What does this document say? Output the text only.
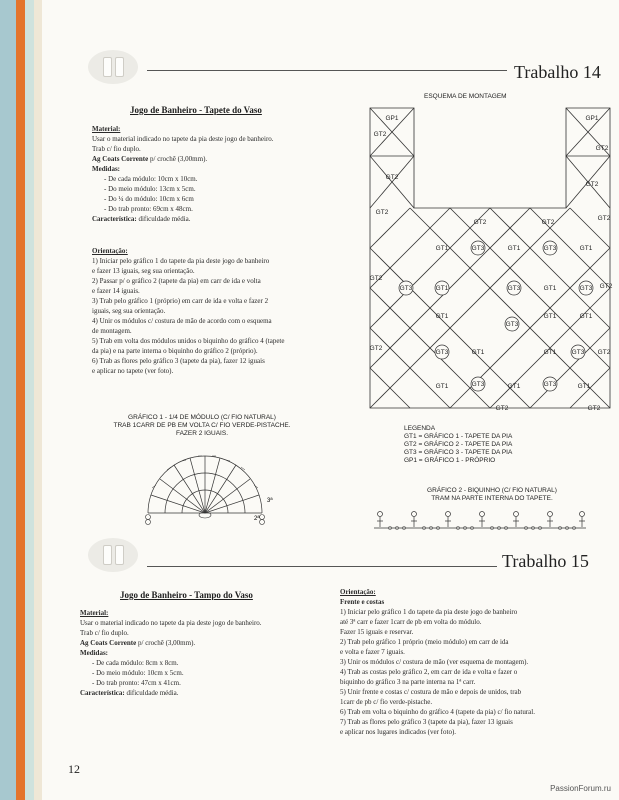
Trabalho 14
Jogo de Banheiro - Tapete do Vaso
Material:
Usar o material indicado no tapete da pia deste jogo de banheiro.
Trab c/ fio duplo.
Ag Coats Corrente p/ crochê (3,00mm).
Medidas:
- De cada módulo: 10cm x 10cm.
- Do meio módulo: 13cm x 5cm.
- Do ¼ do módulo: 10cm x 6cm
- Do trab pronto: 69cm x 48cm.
Característica: dificuldade média.
Orientação:
1) Iniciar pelo gráfico 1 do tapete da pia deste jogo de banheiro
e fazer 13 iguais, seg sua orientação.
2) Passar p/ o gráfico 2 (tapete da pia) em carr de ida e volta
e fazer 14 iguais.
3) Trab pelo gráfico 1 (próprio) em carr de ida e volta e fazer 2
iguais, seg sua orientação.
4) Unir os módulos c/ costura de mão de acordo com o esquema
de montagem.
5) Trab em volta dos módulos unidos o biquinho do gráfico 4 (tapete
da pia) e na parte interna o biquinho do gráfico 2 (próprio).
6) Trab as flores pelo gráfico 3 (tapete da pia), fazer 12 iguais
e aplicar no tapete (ver foto).
GRÁFICO 1 - 1/4 DE MÓDULO (C/ FIO NATURAL)
TRAB 1CARR DE PB EM VOLTA C/ FIO VERDE-PISTACHE.
FAZER 2 IGUAIS.
3ª
2ª
ESQUEMA DE MONTAGEM
GP1	GP1
GT2
GT2
GT2
GT2
GT2
GT2
GT2	GT2
GT1	GT3	GT1	GT3	GT1
GT2
GT3	GT1	GT3	GT1	GT3 GT2
GT1
GT3
GT1	GT1
GT2
GT3	GT1	GT1 GT3 GT2
GT1	GT3	GT1	GT3	GT1
GT2	GT2
LEGENDA
GT1 = GRÁFICO 1 - TAPETE DA PIA
GT2 = GRÁFICO 2 - TAPETE DA PIA
GT3 = GRÁFICO 3 - TAPETE DA PIA
GP1 = GRÁFICO 1 - PRÓPRIO
GRÁFICO 2 - BIQUINHO (C/ FIO NATURAL)
TRAM NA PARTE INTERNA DO TAPETE.
Trabalho 15
Jogo de Banheiro - Tampo do Vaso
Material:
Usar o material indicado no tapete da pia deste jogo de banheiro.
Trab c/ fio duplo.
Ag Coats Corrente p/ crochê (3,00mm).
Medidas:
- De cada módulo: 8cm x 8cm.
- Do meio módulo: 10cm x 5cm.
- Do trab pronto: 47cm x 41cm.
Característica: dificuldade média.
Orientação:
Frente e costas
1) Iniciar pelo gráfico 1 do tapete da pia deste jogo de banheiro
até 3ª carr e fazer 1carr de pb em volta do módulo.
Fazer 15 iguais e reservar.
2) Trab pelo gráfico 1 próprio (meio módulo) em carr de ida
e volta e fazer 7 iguais.
3) Unir os módulos c/ costura de mão (ver esquema de montagem).
4) Trab as costas pelo gráfico 2, em carr de ida e volta e fazer o
biquinho do gráfico 3 na parte interna na 1ª carr.
5) Unir frente e costas c/ costura de mão e depois de unidos, trab
1carr de pb c/ fio verde-pistache.
6) Trab em volta o biquinho do gráfico 4 (tapete da pia) c/ fio natural.
7) Trab as flores pelo gráfico 3 (tapete da pia), fazer 13 iguais
e aplicar nos lugares indicados (ver foto).
12
PassionForum.ru
